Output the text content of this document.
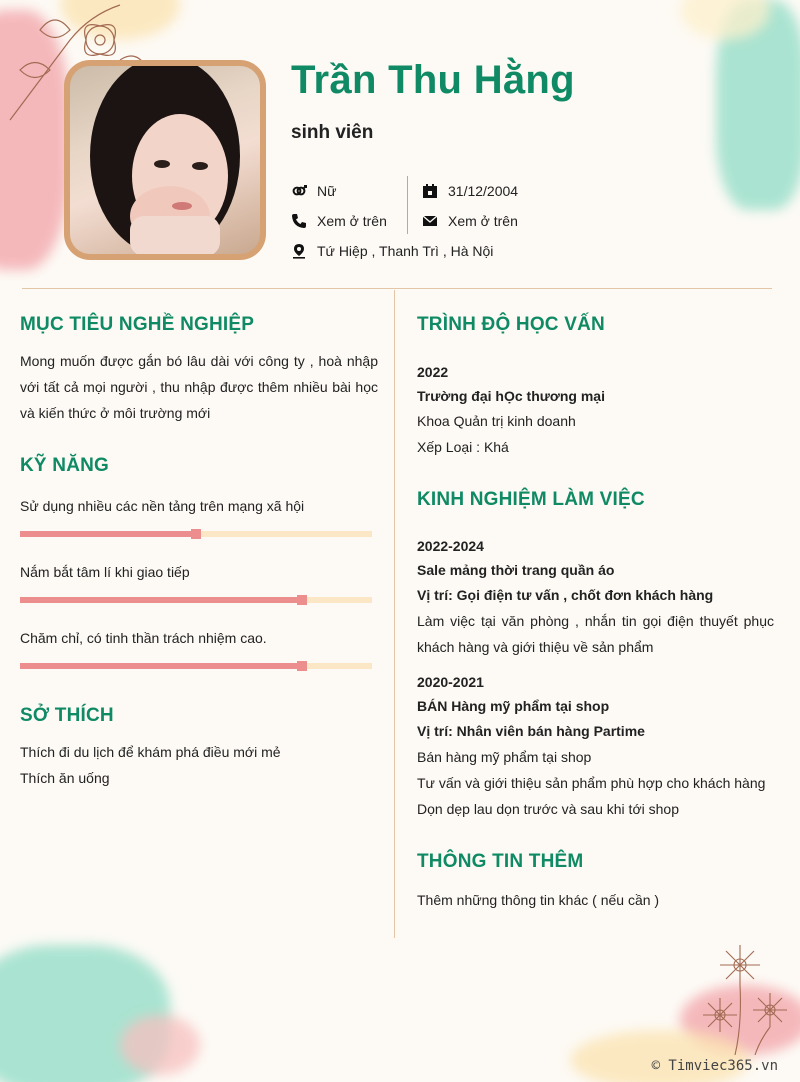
Trần Thu Hằng
sinh viên
Nữ
Xem ở trên
Tứ Hiệp , Thanh Trì , Hà Nội
31/12/2004
Xem ở trên
MỤC TIÊU NGHỀ NGHIỆP
Mong muốn được gắn bó lâu dài với công ty , hoà nhập với tất cả mọi người , thu nhập được thêm nhiều bài học và kiến thức ở môi trường mới
KỸ NĂNG
Sử dụng nhiều các nền tảng trên mạng xã hội
Nắm bắt tâm lí khi giao tiếp
Chăm chỉ, có tinh thần trách nhiệm cao.
SỞ THÍCH
Thích đi du lịch để khám phá điều mới mẻ
Thích ăn uống
TRÌNH ĐỘ HỌC VẤN
2022
Trường đại hỌc thương mại
Khoa Quản trị kinh doanh
Xếp Loại : Khá
KINH NGHIỆM LÀM VIỆC
2022-2024
Sale mảng thời trang quần áo
Vị trí: Gọi điện tư vấn , chốt đơn khách hàng
Làm việc tại văn phòng , nhắn tin gọi điện thuyết phục khách hàng và giới thiệu về sản phẩm
2020-2021
BÁN Hàng mỹ phẩm tại shop
Vị trí: Nhân viên bán hàng Partime
Bán hàng mỹ phẩm tại shop
Tư vấn và giới thiệu sản phẩm phù hợp cho khách hàng
Dọn dẹp lau dọn trước và sau khi tới shop
THÔNG TIN THÊM
Thêm những thông tin khác ( nếu cần )
© Timviec365.vn
